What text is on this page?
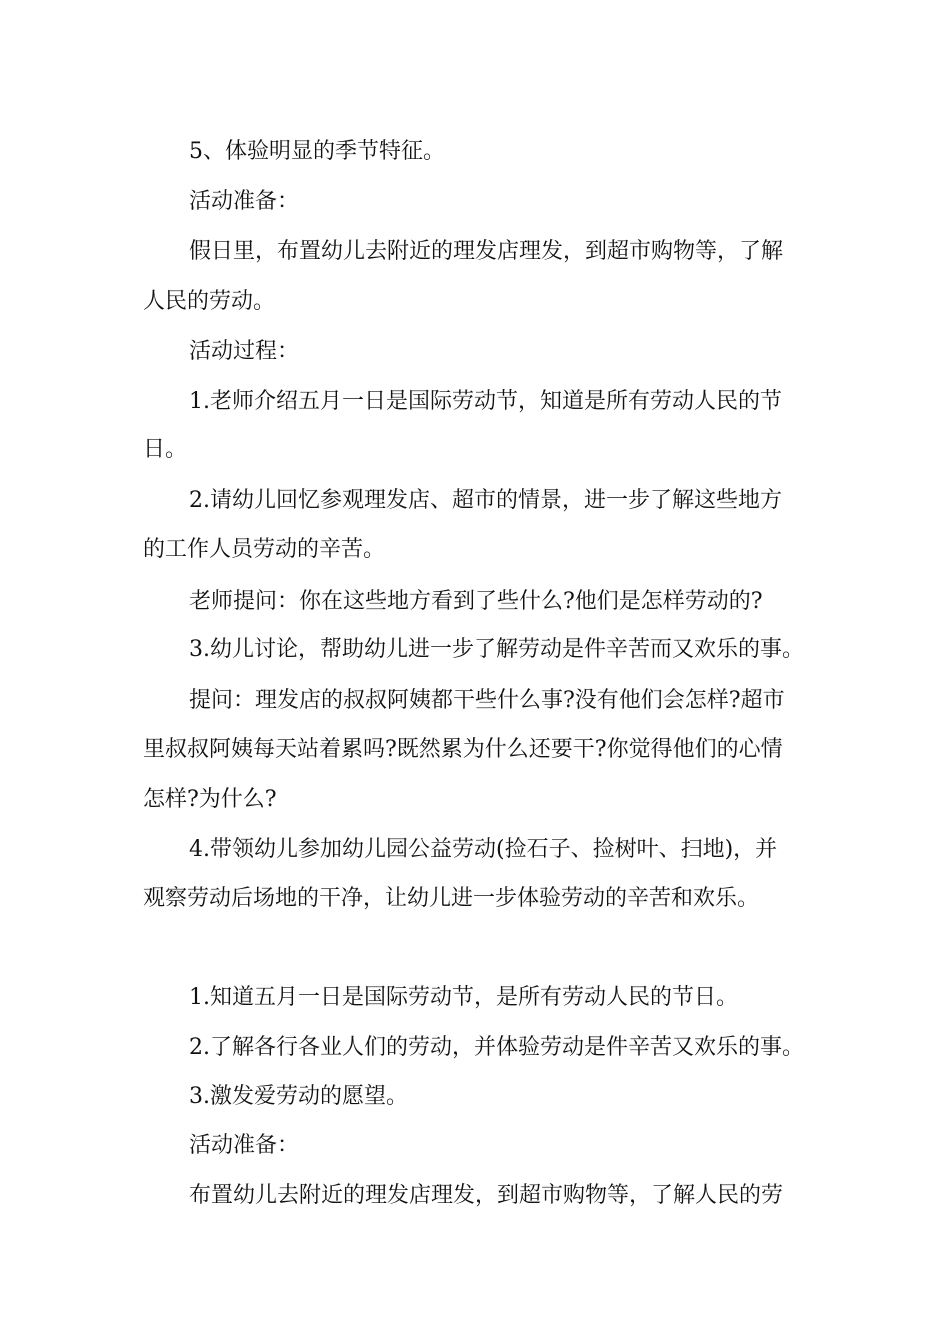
5、体验明显的季节特征。
活动准备：
假日里，布置幼儿去附近的理发店理发，到超市购物等，了解
人民的劳动。
活动过程：
1.老师介绍五月一日是国际劳动节，知道是所有劳动人民的节
日。
2.请幼儿回忆参观理发店、超市的情景，进一步了解这些地方
的工作人员劳动的辛苦。
老师提问：你在这些地方看到了些什么?他们是怎样劳动的?
3.幼儿讨论，帮助幼儿进一步了解劳动是件辛苦而又欢乐的事。
提问：理发店的叔叔阿姨都干些什么事?没有他们会怎样?超市
里叔叔阿姨每天站着累吗?既然累为什么还要干?你觉得他们的心情
怎样?为什么?
4.带领幼儿参加幼儿园公益劳动(捡石子、捡树叶、扫地)，并
观察劳动后场地的干净，让幼儿进一步体验劳动的辛苦和欢乐。
1.知道五月一日是国际劳动节，是所有劳动人民的节日。
2.了解各行各业人们的劳动，并体验劳动是件辛苦又欢乐的事。
3.激发爱劳动的愿望。
活动准备：
布置幼儿去附近的理发店理发，到超市购物等，了解人民的劳
